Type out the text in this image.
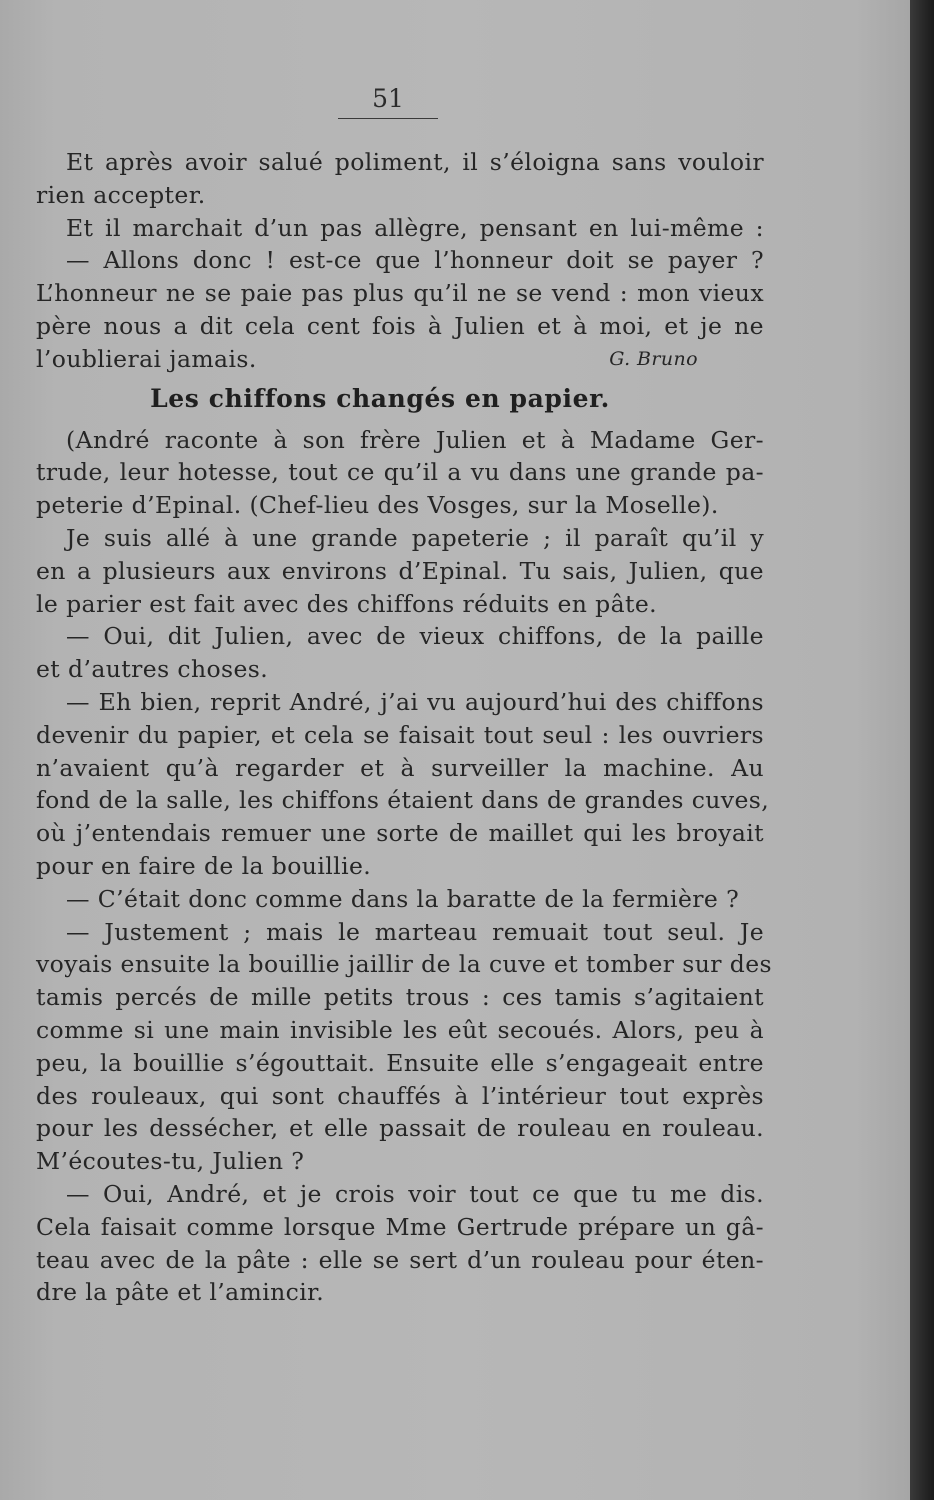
51
Et après avoir salué poliment, il s’éloigna sans vouloir
rien accepter.
Et il marchait d’un pas allègre, pensant en lui-même :
— Allons donc ! est-ce que l’honneur doit se payer ?
L’honneur ne se paie pas plus qu’il ne se vend : mon vieux
père nous a dit cela cent fois à Julien et à moi, et je ne
l’oublierai jamais.	G. Bruno
Les chiffons changés en papier.
(André raconte à son frère Julien et à Madame Ger-
trude, leur hotesse, tout ce qu’il a vu dans une grande pa-
peterie d’Epinal. (Chef-lieu des Vosges, sur la Moselle).
Je suis allé à une grande papeterie ; il paraît qu’il y
en a plusieurs aux environs d’Epinal. Tu sais, Julien, que
le parier est fait avec des chiffons réduits en pâte.
— Oui, dit Julien, avec de vieux chiffons, de la paille
et d’autres choses.
— Eh bien, reprit André, j’ai vu aujourd’hui des chiffons
devenir du papier, et cela se faisait tout seul : les ouvriers
n’avaient qu’à regarder et à surveiller la machine. Au
fond de la salle, les chiffons étaient dans de grandes cuves,
où j’entendais remuer une sorte de maillet qui les broyait
pour en faire de la bouillie.
— C’était donc comme dans la baratte de la fermière ?
— Justement ; mais le marteau remuait tout seul. Je
voyais ensuite la bouillie jaillir de la cuve et tomber sur des
tamis percés de mille petits trous : ces tamis s’agitaient
comme si une main invisible les eût secoués. Alors, peu à
peu, la bouillie s’égouttait. Ensuite elle s’engageait entre
des rouleaux, qui sont chauffés à l’intérieur tout exprès
pour les dessécher, et elle passait de rouleau en rouleau.
M’écoutes-tu, Julien ?
— Oui, André, et je crois voir tout ce que tu me dis.
Cela faisait comme lorsque Mme Gertrude prépare un gâ-
teau avec de la pâte : elle se sert d’un rouleau pour éten-
dre la pâte et l’amincir.
